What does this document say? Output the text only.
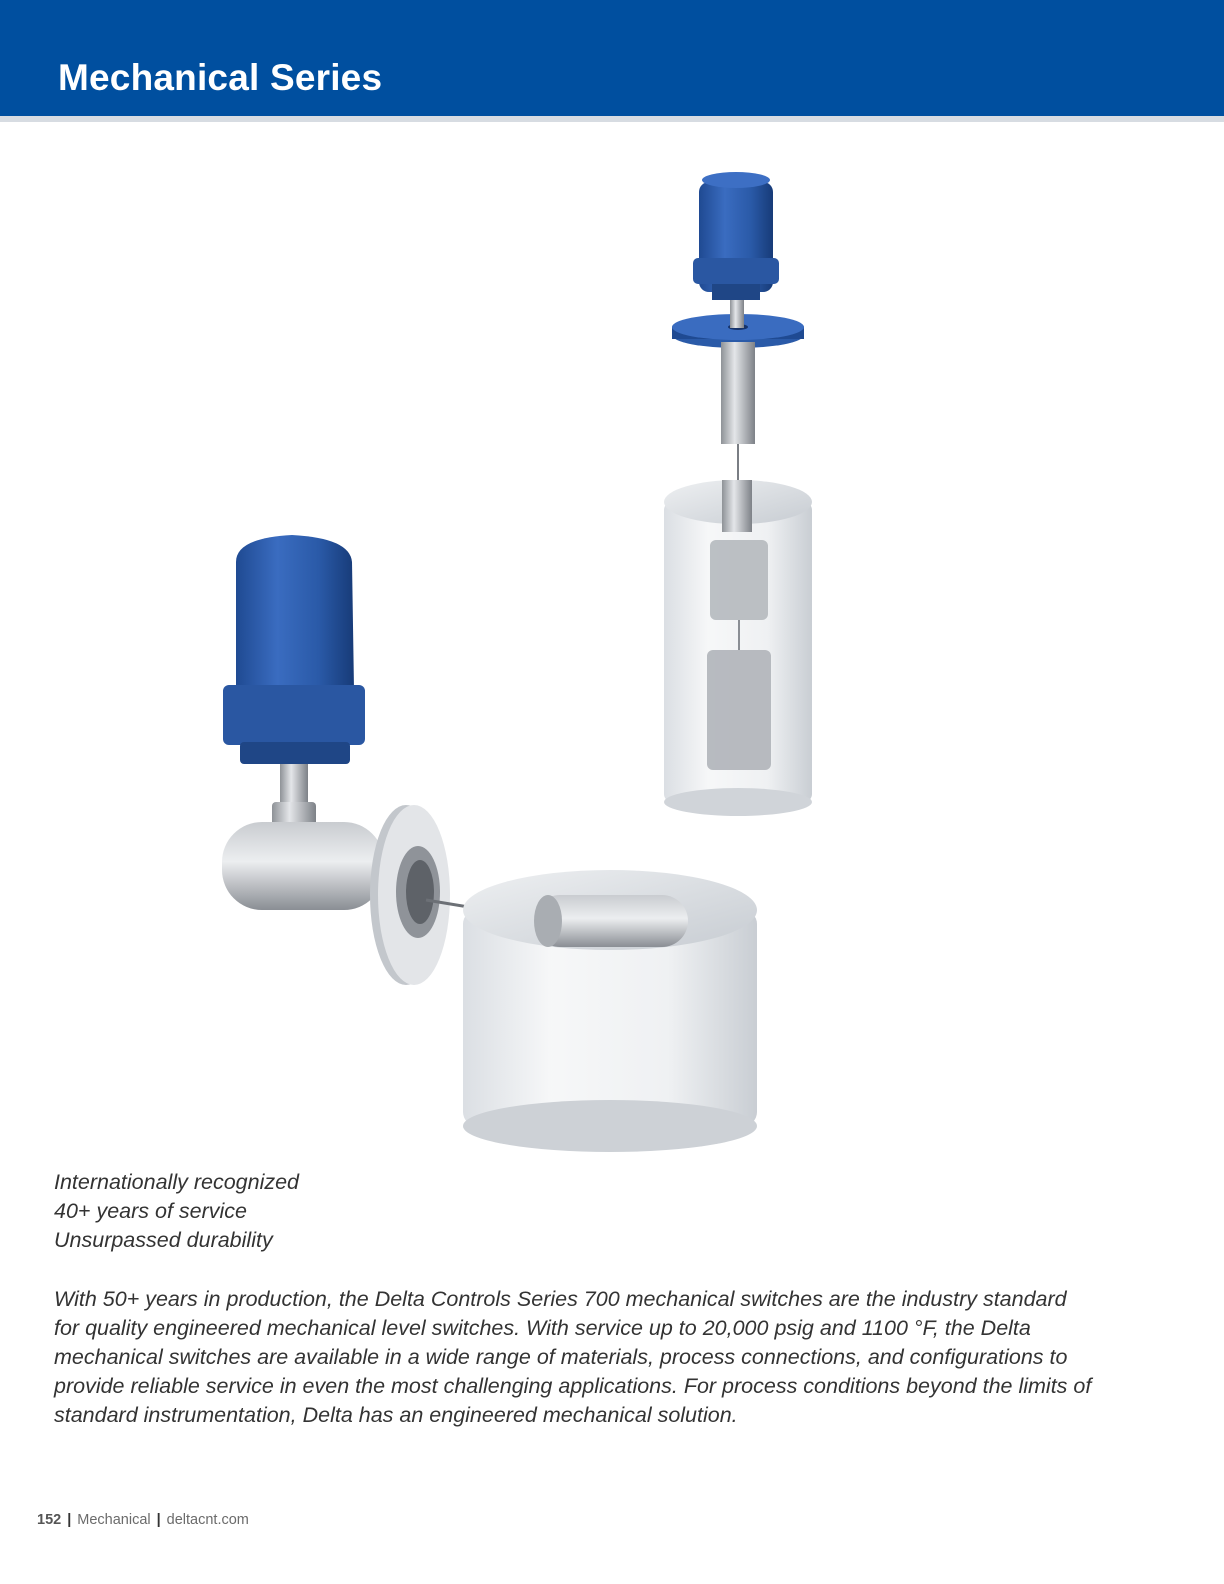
Mechanical Series
Internationally recognized
40+ years of service
Unsurpassed durability

With 50+ years in production, the Delta Controls Series 700 mechanical switches are the industry standard for quality engineered mechanical level switches. With service up to 20,000 psig and 1100 °F, the Delta mechanical switches are available in a wide range of materials, process connections, and configurations to provide reliable service in even the most challenging applications. For process conditions beyond the limits of standard instrumentation, Delta has an engineered mechanical solution.

152 | Mechanical | deltacnt.com
